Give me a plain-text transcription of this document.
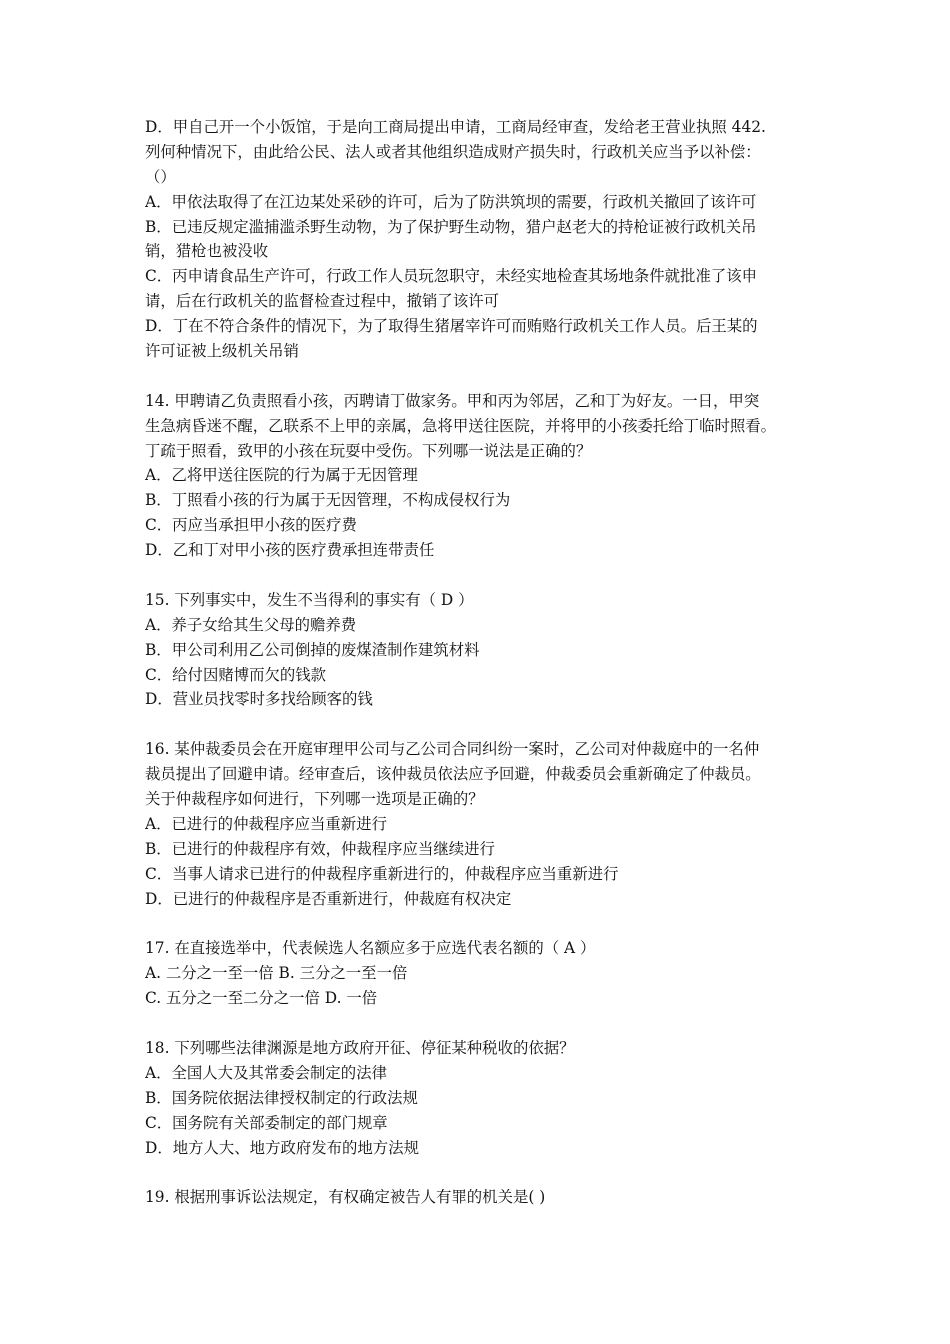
D．甲自己开一个小饭馆，于是向工商局提出申请，工商局经审查，发给老王营业执照 442.
列何种情况下，由此给公民、法人或者其他组织造成财产损失时，行政机关应当予以补偿：
（）
A．甲依法取得了在江边某处采砂的许可，后为了防洪筑坝的需要，行政机关撤回了该许可
B．已违反规定滥捕滥杀野生动物，为了保护野生动物，猎户赵老大的持枪证被行政机关吊
销，猎枪也被没收
C．丙申请食品生产许可，行政工作人员玩忽职守，未经实地检查其场地条件就批准了该申
请，后在行政机关的监督检查过程中，撤销了该许可
D．丁在不符合条件的情况下，为了取得生猪屠宰许可而贿赂行政机关工作人员。后王某的
许可证被上级机关吊销
14. 甲聘请乙负责照看小孩，丙聘请丁做家务。甲和丙为邻居，乙和丁为好友。一日，甲突
生急病昏迷不醒，乙联系不上甲的亲属，急将甲送往医院，并将甲的小孩委托给丁临时照看。
丁疏于照看，致甲的小孩在玩耍中受伤。下列哪一说法是正确的？
A．乙将甲送往医院的行为属于无因管理
B．丁照看小孩的行为属于无因管理，不构成侵权行为
C．丙应当承担甲小孩的医疗费
D．乙和丁对甲小孩的医疗费承担连带责任
15. 下列事实中，发生不当得利的事实有（ D ）
A．养子女给其生父母的赡养费
B．甲公司利用乙公司倒掉的废煤渣制作建筑材料
C．给付因赌博而欠的钱款
D．营业员找零时多找给顾客的钱
16. 某仲裁委员会在开庭审理甲公司与乙公司合同纠纷一案时，乙公司对仲裁庭中的一名仲
裁员提出了回避申请。经审查后，该仲裁员依法应予回避，仲裁委员会重新确定了仲裁员。
关于仲裁程序如何进行，下列哪一选项是正确的？
A．已进行的仲裁程序应当重新进行
B．已进行的仲裁程序有效，仲裁程序应当继续进行
C．当事人请求已进行的仲裁程序重新进行的，仲裁程序应当重新进行
D．已进行的仲裁程序是否重新进行，仲裁庭有权决定
17. 在直接选举中，代表候选人名额应多于应选代表名额的（ A ）
A. 二分之一至一倍 B. 三分之一至一倍
C. 五分之一至二分之一倍 D. 一倍
18. 下列哪些法律渊源是地方政府开征、停征某种税收的依据？
A．全国人大及其常委会制定的法律
B．国务院依据法律授权制定的行政法规
C．国务院有关部委制定的部门规章
D．地方人大、地方政府发布的地方法规
19. 根据刑事诉讼法规定，有权确定被告人有罪的机关是( )
